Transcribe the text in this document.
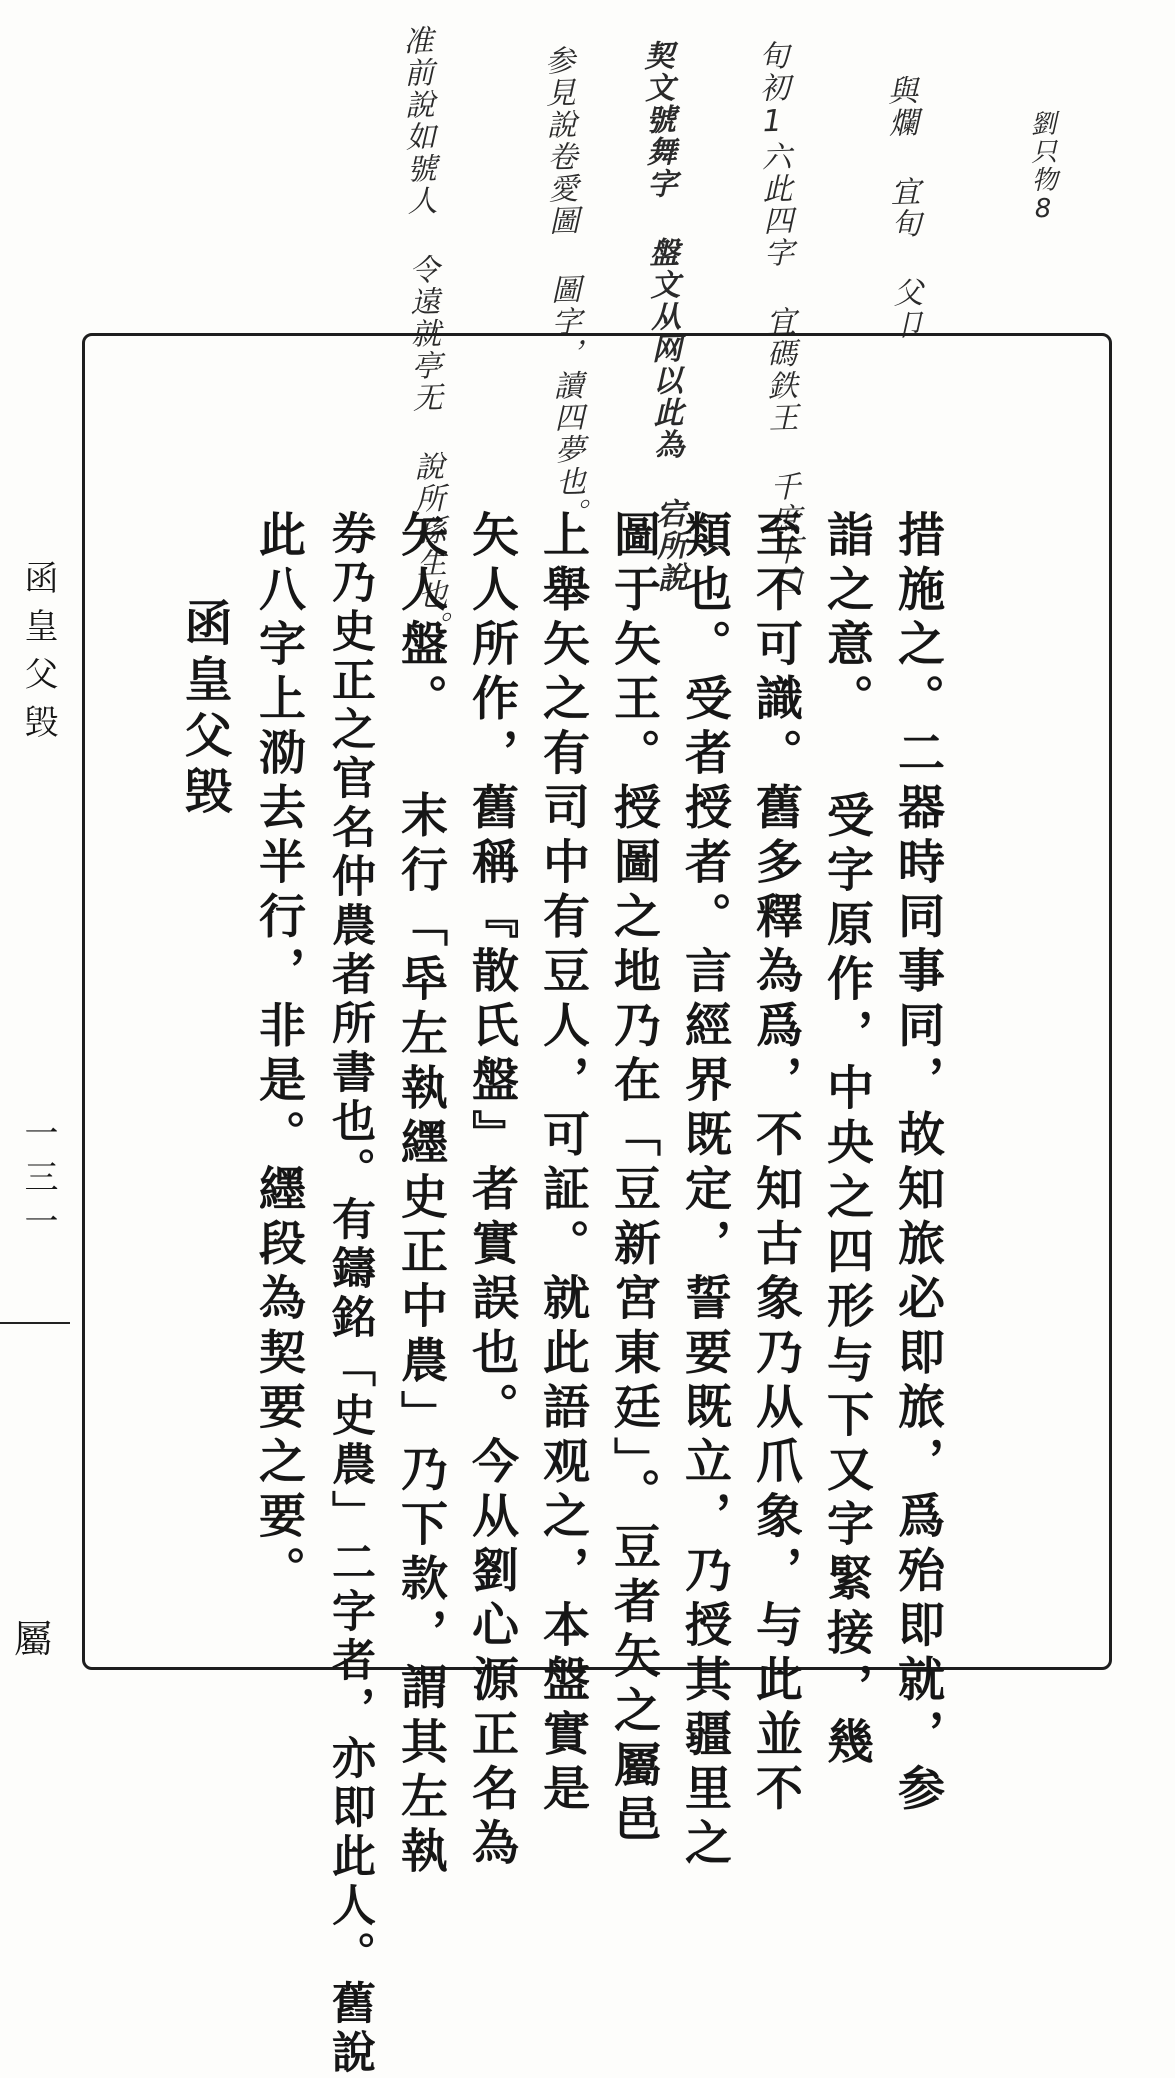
劉只物8
與爛 宜旬 父卩
旬初1六此四字 宜碼鉄王 千庶下口
契文號舞字 盤文从网以此為 宕所說
参見說卷愛圖 圖字，讀四夢也。
准前說如號人 令遠就亭无 說所孫生也。
措施之。二器時同事同，故知旅必即旅，爲殆即就，参
詣之意。 受字原作，中央之四形与下又字緊接，幾
至不可識。舊多釋為爲，不知古象乃从爪象，与此並不
類也。受者授者。言經界既定，誓要既立，乃授其疆里之
圖于矢王。授圖之地乃在「豆新宮東廷」。豆者矢之屬邑
上舉矢之有司中有豆人，可証。就此語观之，本盤實是
矢人所作，舊稱『散氏盤』者實誤也。今从劉心源正名為
矢人盤。 末行「氒左執纆史正中農」乃下款，謂其左執
券乃史正之官名仲農者所書也。有鑄銘「史農」二字者，亦即此人。舊說
此八字上泐去半行，非是。纆段為契要之要。
函皇父毁
函皇父毁
一三一
屬
